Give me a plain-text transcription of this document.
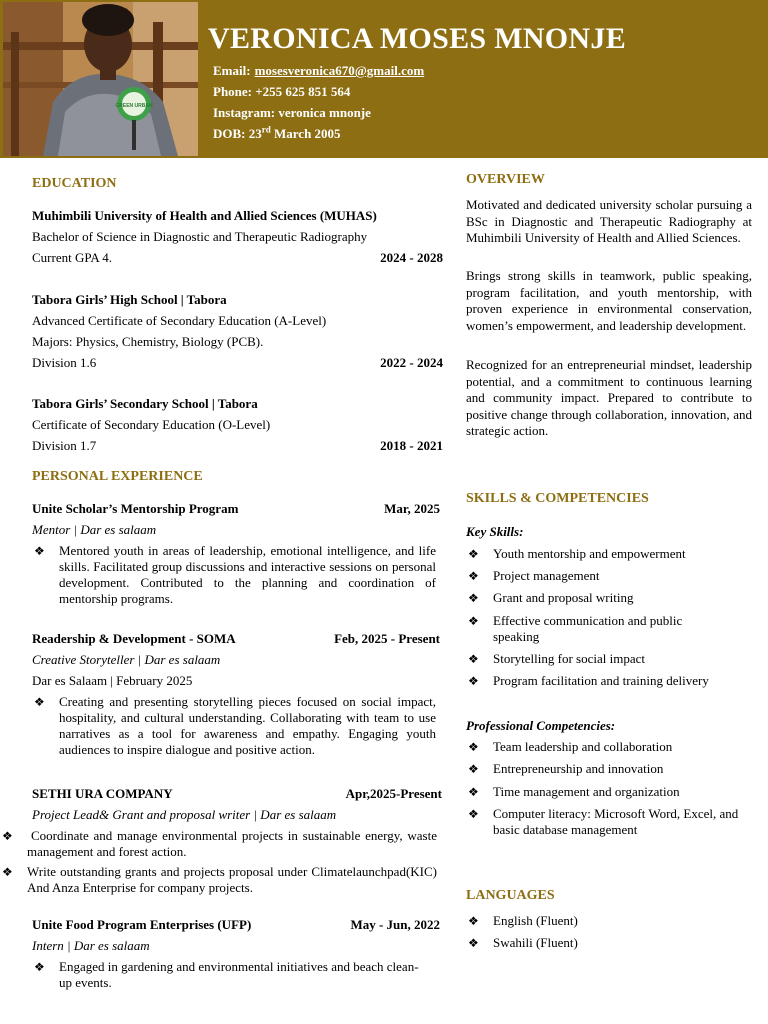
GREEN URBAN
VERONICA MOSES MNONJE
Email: mosesveronica670@gmail.com
Phone: +255 625 851 564
Instagram: veronica mnonje
DOB: 23rd March 2005
EDUCATION
Muhimbili University of Health and Allied Sciences (MUHAS)
Bachelor of Science in Diagnostic and Therapeutic Radiography
Current GPA 4.	2024 - 2028
Tabora Girls’ High School | Tabora
Advanced Certificate of Secondary Education (A-Level)
Majors: Physics, Chemistry, Biology (PCB).
Division 1.6	2022 - 2024
Tabora Girls’ Secondary School | Tabora
Certificate of Secondary Education (O-Level)
Division 1.7	2018 - 2021
PERSONAL EXPERIENCE
Unite Scholar’s Mentorship Program	Mar, 2025
Mentor | Dar es salaam
❖ Mentored youth in areas of leadership, emotional intelligence, and life skills. Facilitated group discussions and interactive sessions on personal development. Contributed to the planning and coordination of mentorship programs.
Readership & Development - SOMA	Feb, 2025 - Present
Creative Storyteller | Dar es salaam
Dar es Salaam | February 2025
❖ Creating and presenting storytelling pieces focused on social impact, hospitality, and cultural understanding. Collaborating with team to use narratives as a tool for awareness and empathy. Engaging youth audiences to inspire dialogue and positive action.
SETHI URA COMPANY	Apr,2025-Present
Project Lead& Grant and proposal writer | Dar es salaam
❖	Coordinate and manage environmental projects in sustainable energy, waste management and forest action.
❖ Write outstanding grants and projects proposal under Climatelaunchpad(KIC) And Anza Enterprise for company projects.
Unite Food Program Enterprises (UFP)	May - Jun, 2022
Intern | Dar es salaam
❖ Engaged in gardening and environmental initiatives and beach clean-up events.
OVERVIEW
Motivated and dedicated university scholar pursuing a BSc in Diagnostic and Therapeutic Radiography at Muhimbili University of Health and Allied Sciences.
Brings strong skills in teamwork, public speaking, program facilitation, and youth mentorship, with proven experience in environmental conservation, women’s empowerment, and leadership development.
Recognized for an entrepreneurial mindset, leadership potential, and a commitment to continuous learning and community impact. Prepared to contribute to positive change through collaboration, innovation, and strategic action.
SKILLS & COMPETENCIES
Key Skills:
❖ Youth mentorship and empowerment
❖ Project management
❖ Grant and proposal writing
❖ Effective communication and public speaking
❖ Storytelling for social impact
❖ Program facilitation and training delivery
Professional Competencies:
❖ Team leadership and collaboration
❖ Entrepreneurship and innovation
❖ Time management and organization
❖ Computer literacy: Microsoft Word, Excel, and basic database management
LANGUAGES
❖ English (Fluent)
❖ Swahili (Fluent)
